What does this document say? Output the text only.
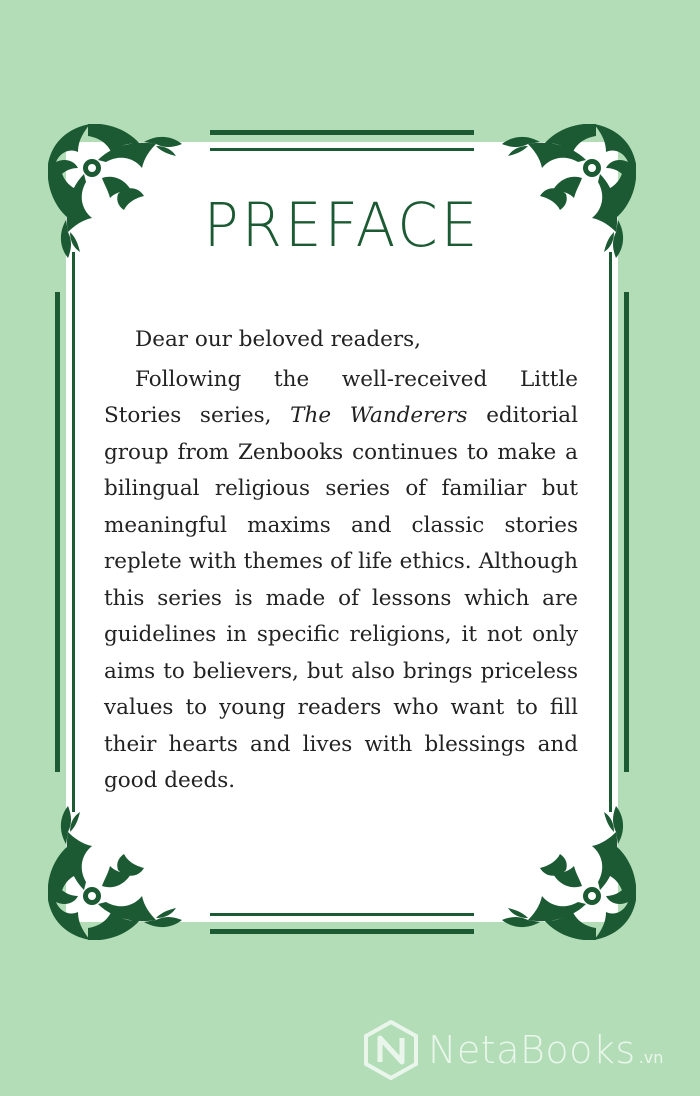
PREFACE

Dear our beloved readers,

Following the well-received Little Stories series, The Wanderers editorial group from Zenbooks continues to make a bilingual religious series of familiar but meaningful maxims and classic stories replete with themes of life ethics. Although this series is made of lessons which are guidelines in specific religions, it not only aims to believers, but also brings priceless values to young readers who want to fill their hearts and lives with blessings and good deeds.

NetaBooks .vn
